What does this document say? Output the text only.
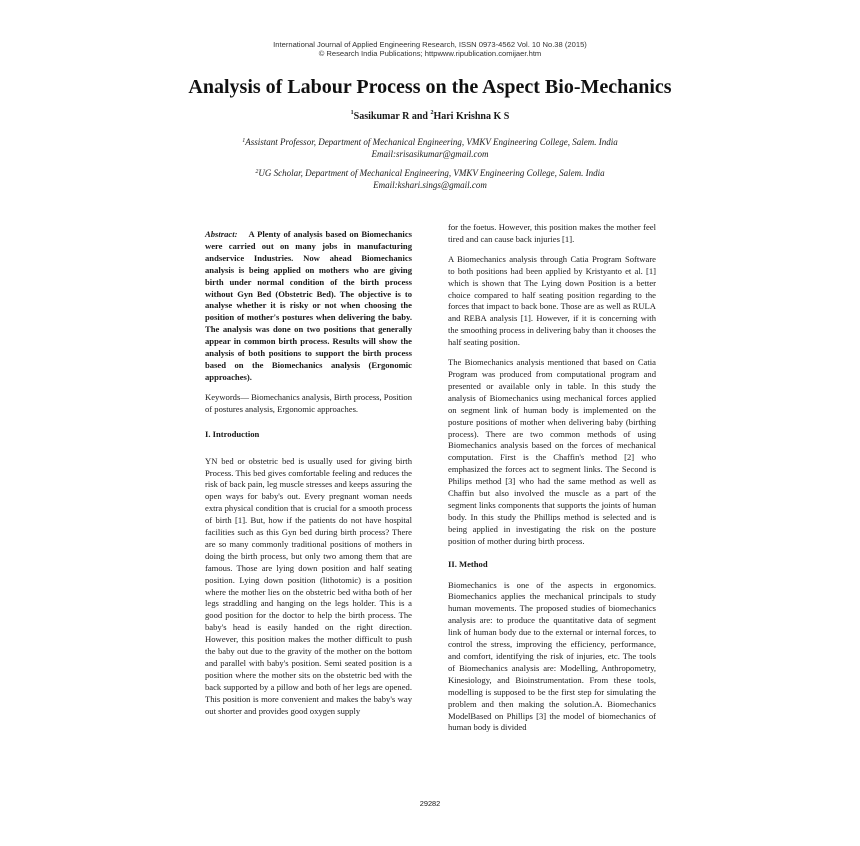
International Journal of Applied Engineering Research, ISSN 0973-4562 Vol. 10 No.38 (2015)
© Research India Publications; httpwww.ripublication.comijaer.htm
Analysis of Labour Process on the Aspect Bio-Mechanics
$^1$Sasikumar R and $^2$Hari Krishna K S
$^1$Assistant Professor, Department of Mechanical Engineering, VMKV Engineering College, Salem. India
Email:srisasikumar@gmail.com
$^2$UG Scholar, Department of Mechanical Engineering, VMKV Engineering College, Salem. India
Email:kshari.sings@gmail.com

Abstract: A Plenty of analysis based on Biomechanics were carried out on many jobs in manufacturing andservice Industries. Now ahead Biomechanics analysis is being applied on mothers who are giving birth under normal condition of the birth process without Gyn Bed (Obstetric Bed). The objective is to analyse whether it is risky or not when choosing the position of mother's postures when delivering the baby. The analysis was done on two positions that generally appear in common birth process. Results will show the analysis of both positions to support the birth process based on the Biomechanics analysis (Ergonomic approaches).

Keywords— Biomechanics analysis, Birth process, Position of postures analysis, Ergonomic approaches.

I. Introduction

YN bed or obstetric bed is usually used for giving birth Process. This bed gives comfortable feeling and reduces the risk of back pain, leg muscle stresses and keeps assuring the open ways for baby's out. Every pregnant woman needs extra physical condition that is crucial for a smooth process of birth [1]. But, how if the patients do not have hospital facilities such as this Gyn bed during birth process? There are so many commonly traditional positions of mothers in doing the birth process, but only two among them that are famous. Those are lying down position and half seating position. Lying down position (lithotomic) is a position where the mother lies on the obstetric bed witha both of her legs straddling and hanging on the legs holder. This is a good position for the doctor to help the birth process. The baby's head is easily handed on the right direction. However, this position makes the mother difficult to push the baby out due to the gravity of the mother on the bottom and parallel with baby's position. Semi seated position is a position where the mother sits on the obstetric bed with the back supported by a pillow and both of her legs are opened. This position is more convenient and makes the baby's way out shorter and provides good oxygen supply

for the foetus. However, this position makes the mother feel tired and can cause back injuries [1].

A Biomechanics analysis through Catia Program Software to both positions had been applied by Kristyanto et al. [1] which is shown that The Lying down Position is a better choice compared to half seating position regarding to the forces that impact to back bone. Those are as well as RULA and REBA analysis [1]. However, if it is concerning with the smoothing process in delivering baby than it chooses the half seating position.

The Biomechanics analysis mentioned that based on Catia Program was produced from computational program and presented or available only in table. In this study the analysis of Biomechanics using mechanical forces applied on segment link of human body is implemented on the posture positions of mother when delivering baby (birthing process). There are two common methods of using Biomechanics analysis based on the forces of mechanical computation. First is the Chaffin's method [2] who emphasized the forces act to segment links. The Second is Philips method [3] who had the same method as well as Chaffin but also involved the muscle as a part of the segment links components that supports the joints of human body. In this study the Phillips method is selected and is being applied in investigating the risk on the posture position of mother during birth process.

II. Method

Biomechanics is one of the aspects in ergonomics. Biomechanics applies the mechanical principals to study human movements. The proposed studies of biomechanics analysis are: to produce the quantitative data of segment link of human body due to the external or internal forces, to control the stress, improving the efficiency, performance, and comfort, identifying the risk of injuries, etc. The tools of Biomechanics analysis are: Modelling, Anthropometry, Kinesiology, and Bioinstrumentation. From these tools, modelling is supposed to be the first step for simulating the problem and then making the solution.A. Biomechanics ModelBased on Phillips [3] the model of biomechanics of human body is divided

29282
